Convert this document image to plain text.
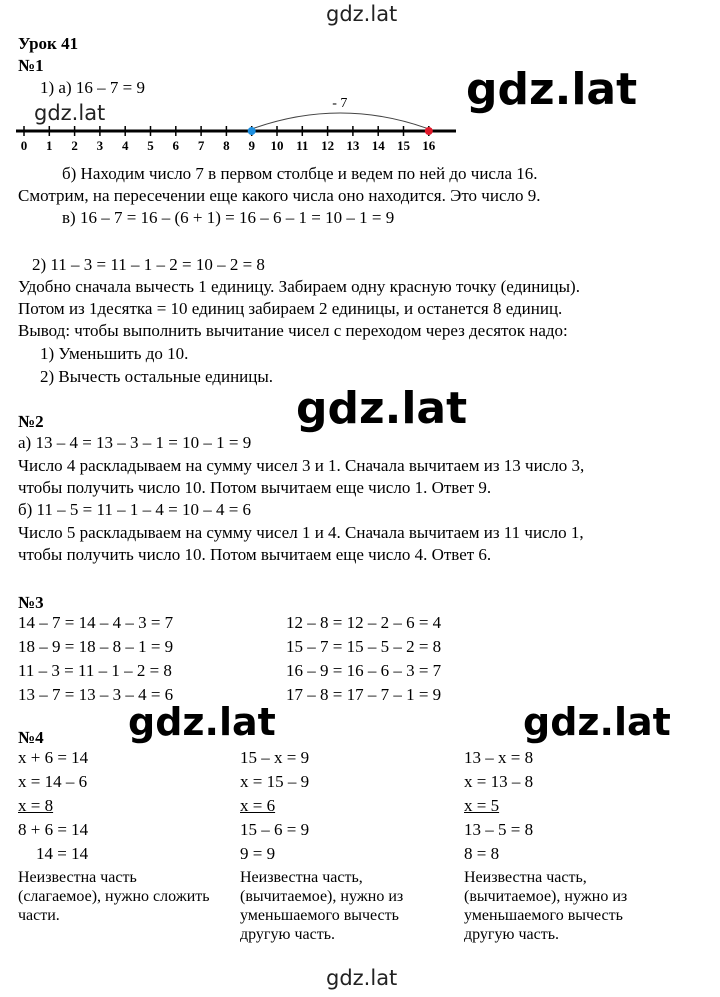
gdz.lat
gdz.lat	gdz.lat
gdz.lat
gdz.lat	gdz.lat
gdz.lat
Урок 41
№1
1) а) 16 – 7 = 9
- 7
0 1 2 3 4 5 6 7 8 9 10 11 12 13 14 15 16
б) Находим число 7 в первом столбце и ведем по ней до числа 16.
Смотрим, на пересечении еще какого числа оно находится. Это число 9.
в) 16 – 7 = 16 – (6 + 1) = 16 – 6 – 1 = 10 – 1 = 9
2) 11 – 3 = 11 – 1 – 2 = 10 – 2 = 8
Удобно сначала вычесть 1 единицу. Забираем одну красную точку (единицы).
Потом из 1десятка = 10 единиц забираем 2 единицы, и останется 8 единиц.
Вывод: чтобы выполнить вычитание чисел с переходом через десяток надо:
1) Уменьшить до 10.
2) Вычесть остальные единицы.
№2
а) 13 – 4 = 13 – 3 – 1 = 10 – 1 = 9
Число 4 раскладываем на сумму чисел 3 и 1. Сначала вычитаем из 13 число 3,
чтобы получить число 10. Потом вычитаем еще число 1. Ответ 9.
б) 11 – 5 = 11 – 1 – 4 = 10 – 4 = 6
Число 5 раскладываем на сумму чисел 1 и 4. Сначала вычитаем из 11 число 1,
чтобы получить число 10. Потом вычитаем еще число 4. Ответ 6.
№3
14 – 7 = 14 – 4 – 3 = 7
18 – 9 = 18 – 8 – 1 = 9
11 – 3 = 11 – 1 – 2 = 8
13 – 7 = 13 – 3 – 4 = 6
12 – 8 = 12 – 2 – 6 = 4
15 – 7 = 15 – 5 – 2 = 8
16 – 9 = 16 – 6 – 3 = 7
17 – 8 = 17 – 7 – 1 = 9
№4
x + 6 = 14
x = 14 – 6
x = 8
8 + 6 = 14
14 = 14
Неизвестна часть
(слагаемое), нужно сложить
части.
15 – x = 9
x = 15 – 9
x = 6
15 – 6 = 9
9 = 9
Неизвестна часть,
(вычитаемое), нужно из
уменьшаемого вычесть
другую часть.
13 – x = 8
x = 13 – 8
x = 5
13 – 5 = 8
8 = 8
Неизвестна часть,
(вычитаемое), нужно из
уменьшаемого вычесть
другую часть.
